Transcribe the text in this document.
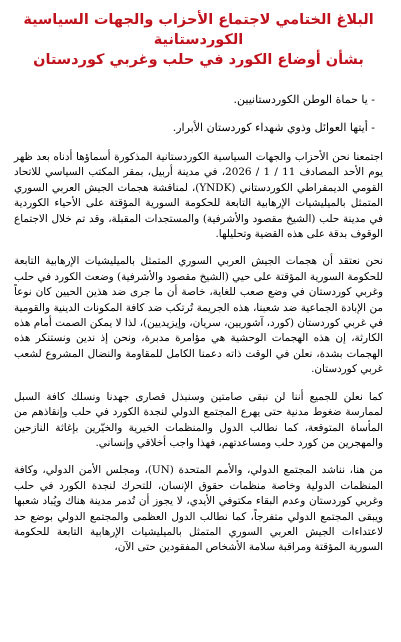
البلاغ الختامي لاجتماع الأحزاب والجهات السياسية الكوردستانية
بشأن أوضاع الكورد في حلب وغربي كوردستان

- يا حماة الوطن الكوردستانيين.

- أيتها العوائل وذوي شهداء كوردستان الأبرار.

اجتمعنا نحن الأحزاب والجهات السياسية الكوردستانية المذكورة أسماؤها أدناه بعد ظهر يوم الأحد المصادف 11 / 1 / 2026، في مدينة أربيل، بمقر المكتب السياسي للاتحاد القومي الديمقراطي الكوردستاني (YNDK)، لمناقشة هجمات الجيش العربي السوري المتمثل بالميليشيات الإرهابية التابعة للحكومة السورية المؤقتة على الأحياء الكوردية في مدينة حلب (الشيخ مقصود والأشرفية) والمستجدات المقبلة، وقد تم خلال الاجتماع الوقوف بدقة على هذه القضية وتحليلها.

نحن نعتقد أن هجمات الجيش العربي السوري المتمثل بالميليشيات الإرهابية التابعة للحكومة السورية المؤقتة على حيي (الشيخ مقصود والأشرفية) وضعت الكورد في حلب وغربي كوردستان في وضع صعب للغاية، خاصة أن ما جرى ضد هذين الحيين كان نوعاً من الإبادة الجماعية ضد شعبنا، هذه الجريمة تُرتكب ضد كافة المكونات الدينية والقومية في غربي كوردستان (كورد، آشوريين، سريان، وإيزيديين)، لذا لا يمكن الصمت أمام هذه الكارثة، إن هذه الهجمات الوحشية هي مؤامرة مدبرة، ونحن إذ ندين ونستنكر هذه الهجمات بشدة، نعلن في الوقت ذاته دعمنا الكامل للمقاومة والنضال المشروع لشعب غربي كوردستان.

كما نعلن للجميع أننا لن نبقى صامتين وسنبذل قصارى جهدنا ونسلك كافة السبل لممارسة ضغوط مدنية حتى يهرع المجتمع الدولي لنجدة الكورد في حلب وإنقاذهم من المأساة المتوقعة، كما نطالب الدول والمنظمات الخيرية والخيّرين بإغاثة النازحين والمهجرين من كورد حلب ومساعدتهم، فهذا واجب أخلاقي وإنساني.

من هنا، نناشد المجتمع الدولي، والأمم المتحدة (UN)، ومجلس الأمن الدولي، وكافة المنظمات الدولية وخاصة منظمات حقوق الإنسان، للتحرك لنجدة الكورد في حلب وغربي كوردستان وعدم البقاء مكتوفي الأيدي، لا يجوز أن تُدمر مدينة هناك ويُباد شعبها ويبقى المجتمع الدولي متفرجاً، كما نطالب الدول العظمى والمجتمع الدولي بوضع حد لاعتداءات الجيش العربي السوري المتمثل بالميليشيات الإرهابية التابعة للحكومة السورية المؤقتة ومراقبة سلامة الأشخاص المفقودين حتى الآن،
